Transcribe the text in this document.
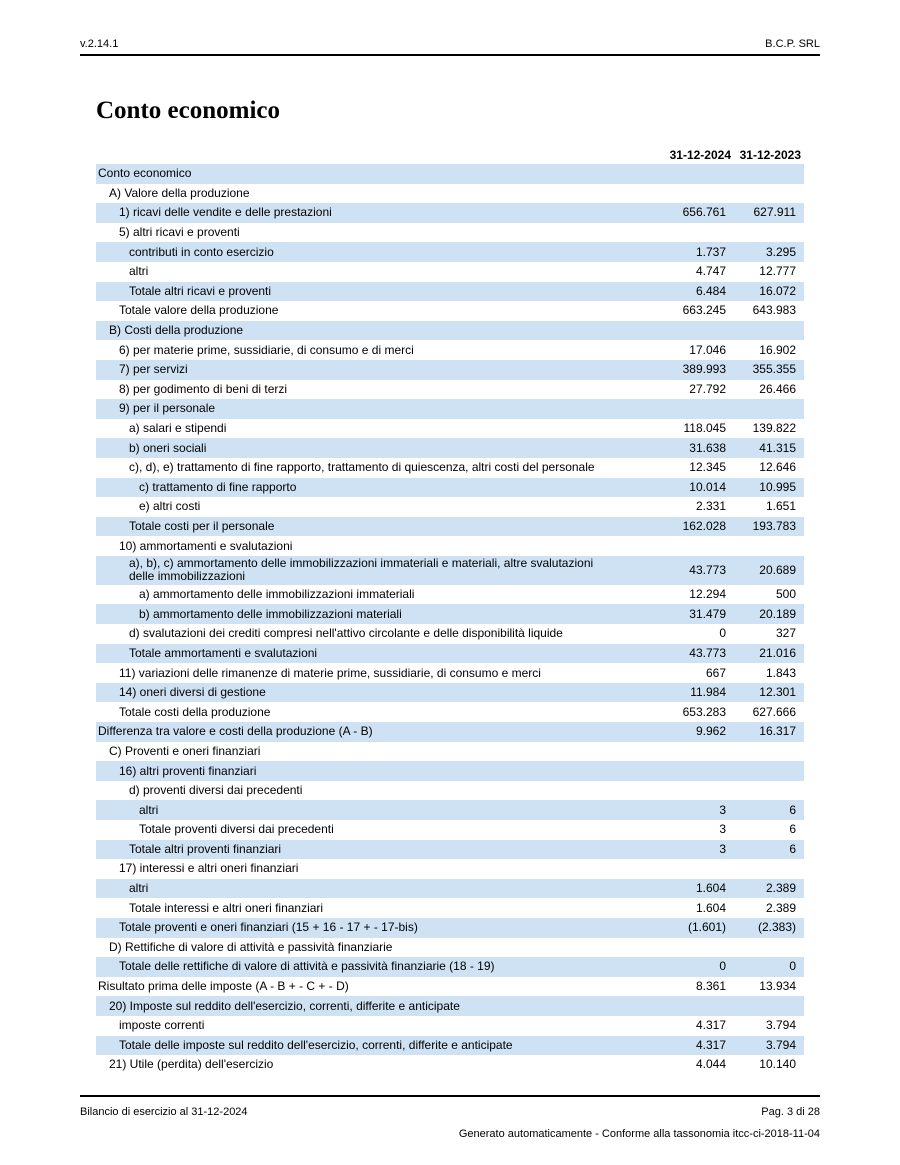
v.2.14.1	B.C.P. SRL
Conto economico
31-12-2024 31-12-2023
Conto economico		
A) Valore della produzione		
1) ricavi delle vendite e delle prestazioni	656.761	627.911
5) altri ricavi e proventi		
contributi in conto esercizio	1.737	3.295
altri	4.747	12.777
Totale altri ricavi e proventi	6.484	16.072
Totale valore della produzione	663.245	643.983
B) Costi della produzione		
6) per materie prime, sussidiarie, di consumo e di merci	17.046	16.902
7) per servizi	389.993	355.355
8) per godimento di beni di terzi	27.792	26.466
9) per il personale		
a) salari e stipendi	118.045	139.822
b) oneri sociali	31.638	41.315
c), d), e) trattamento di fine rapporto, trattamento di quiescenza, altri costi del personale	12.345	12.646
c) trattamento di fine rapporto	10.014	10.995
e) altri costi	2.331	1.651
Totale costi per il personale	162.028	193.783
10) ammortamenti e svalutazioni		
a), b), c) ammortamento delle immobilizzazioni immateriali e materiali, altre svalutazioni delle immobilizzazioni	43.773	20.689
a) ammortamento delle immobilizzazioni immateriali	12.294	500
b) ammortamento delle immobilizzazioni materiali	31.479	20.189
d) svalutazioni dei crediti compresi nell'attivo circolante e delle disponibilità liquide	0	327
Totale ammortamenti e svalutazioni	43.773	21.016
11) variazioni delle rimanenze di materie prime, sussidiarie, di consumo e merci	667	1.843
14) oneri diversi di gestione	11.984	12.301
Totale costi della produzione	653.283	627.666
Differenza tra valore e costi della produzione (A - B)	9.962	16.317
C) Proventi e oneri finanziari		
16) altri proventi finanziari		
d) proventi diversi dai precedenti		
altri	3	6
Totale proventi diversi dai precedenti	3	6
Totale altri proventi finanziari	3	6
17) interessi e altri oneri finanziari		
altri	1.604	2.389
Totale interessi e altri oneri finanziari	1.604	2.389
Totale proventi e oneri finanziari (15 + 16 - 17 + - 17-bis)	(1.601)	(2.383)
D) Rettifiche di valore di attività e passività finanziarie		
Totale delle rettifiche di valore di attività e passività finanziarie (18 - 19)	0	0
Risultato prima delle imposte (A - B + - C + - D)	8.361	13.934
20) Imposte sul reddito dell'esercizio, correnti, differite e anticipate		
imposte correnti	4.317	3.794
Totale delle imposte sul reddito dell'esercizio, correnti, differite e anticipate	4.317	3.794
21) Utile (perdita) dell'esercizio	4.044	10.140
Bilancio di esercizio al 31-12-2024	Pag. 3 di 28
Generato automaticamente - Conforme alla tassonomia itcc-ci-2018-11-04
